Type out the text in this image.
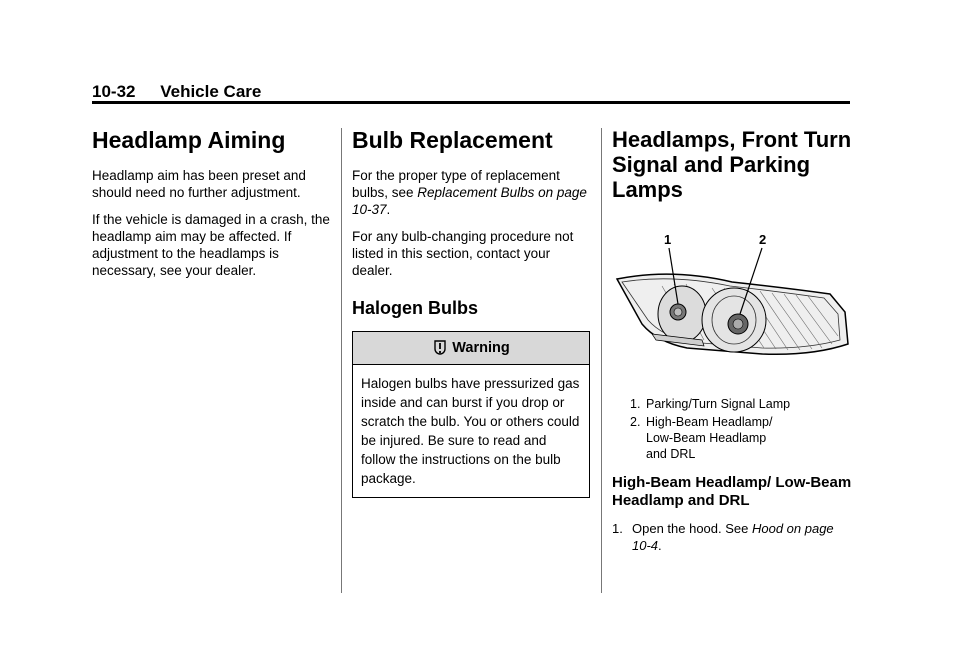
10-32 Vehicle Care
Headlamp Aiming

Headlamp aim has been preset and should need no further adjustment.

If the vehicle is damaged in a crash, the headlamp aim may be affected. If adjustment to the headlamps is necessary, see your dealer.

Bulb Replacement

For the proper type of replacement bulbs, see Replacement Bulbs on page 10-37.

For any bulb-changing procedure not listed in this section, contact your dealer.

Halogen Bulbs
Warning

Halogen bulbs have pressurized gas inside and can burst if you drop or scratch the bulb. You or others could be injured. Be sure to read and follow the instructions on the bulb package.

Headlamps, Front Turn Signal and Parking Lamps
1	2
1. Parking/Turn Signal Lamp
2. High-Beam Headlamp/
Low-Beam Headlamp
and DRL
High-Beam Headlamp/ Low-Beam Headlamp and DRL
1. Open the hood. See Hood on page 10-4.
